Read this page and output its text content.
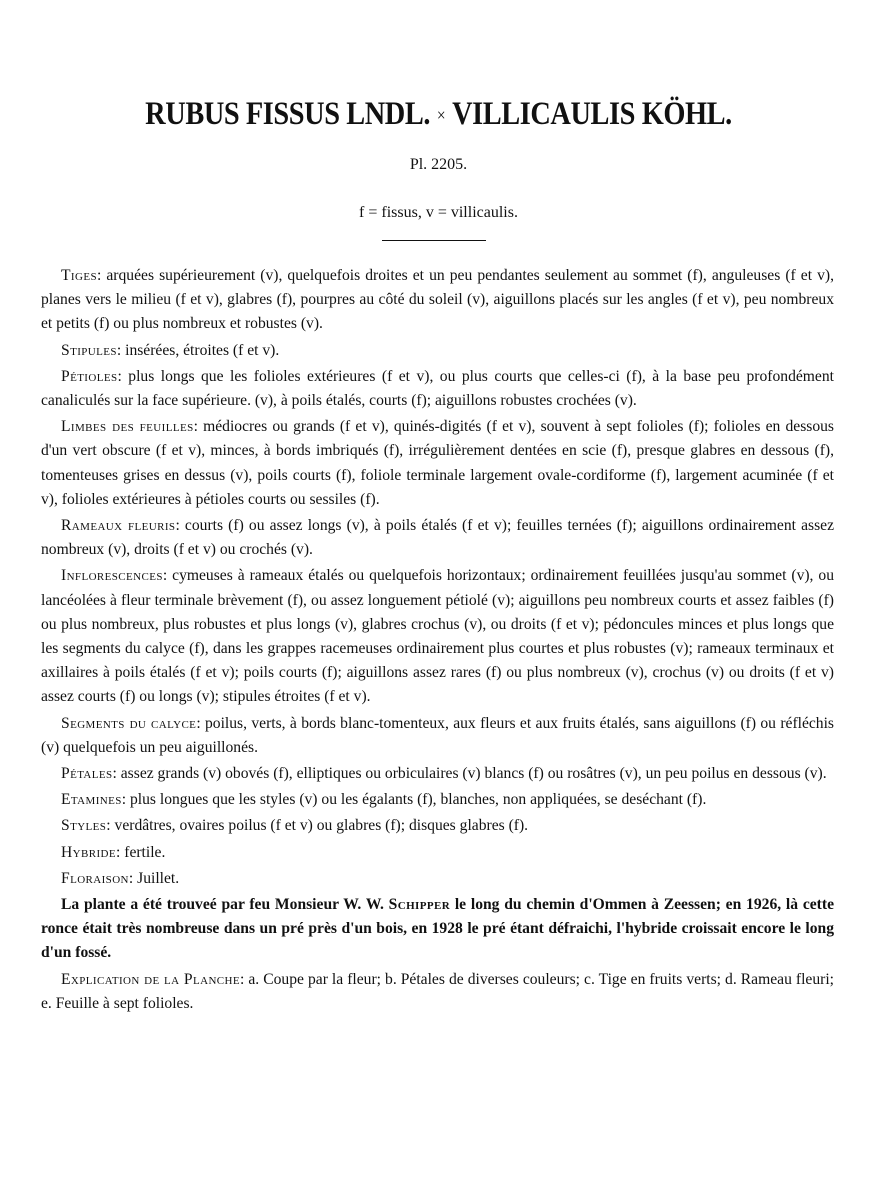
RUBUS FISSUS LNDL. × VILLICAULIS KÖHL.
Pl. 2205.
f = fissus, v = villicaulis.

Tiges: arquées supérieurement (v), quelquefois droites et un peu pendantes seulement au sommet (f), anguleuses (f et v), planes vers le milieu (f et v), glabres (f), pourpres au côté du soleil (v), aiguillons placés sur les angles (f et v), peu nombreux et petits (f) ou plus nombreux et robustes (v).

Stipules: insérées, étroites (f et v).

Pétioles: plus longs que les folioles extérieures (f et v), ou plus courts que celles-ci (f), à la base peu profondément canaliculés sur la face supérieure. (v), à poils étalés, courts (f); aiguillons robustes crochées (v).

Limbes des feuilles: médiocres ou grands (f et v), quinés-digités (f et v), souvent à sept folioles (f); folioles en dessous d'un vert obscure (f et v), minces, à bords imbriqués (f), irrégulièrement dentées en scie (f), presque glabres en dessous (f), tomenteuses grises en dessus (v), poils courts (f), foliole terminale largement ovale-cordiforme (f), largement acuminée (f et v), folioles extérieures à pétioles courts ou sessiles (f).

Rameaux fleuris: courts (f) ou assez longs (v), à poils étalés (f et v); feuilles ternées (f); aiguillons ordinairement assez nombreux (v), droits (f et v) ou crochés (v).

Inflorescences: cymeuses à rameaux étalés ou quelquefois horizontaux; ordinairement feuillées jusqu'au sommet (v), ou lancéolées à fleur terminale brèvement (f), ou assez longuement pétiolé (v); aiguillons peu nombreux courts et assez faibles (f) ou plus nombreux, plus robustes et plus longs (v), glabres crochus (v), ou droits (f et v); pédoncules minces et plus longs que les segments du calyce (f), dans les grappes racemeuses ordinairement plus courtes et plus robustes (v); rameaux terminaux et axillaires à poils étalés (f et v); poils courts (f); aiguillons assez rares (f) ou plus nombreux (v), crochus (v) ou droits (f et v) assez courts (f) ou longs (v); stipules étroites (f et v).

Segments du calyce: poilus, verts, à bords blanc-tomenteux, aux fleurs et aux fruits étalés, sans aiguillons (f) ou réfléchis (v) quelquefois un peu aiguillonés.

Pétales: assez grands (v) obovés (f), elliptiques ou orbiculaires (v) blancs (f) ou rosâtres (v), un peu poilus en dessous (v).

Etamines: plus longues que les styles (v) ou les égalants (f), blanches, non appliquées, se deséchant (f).

Styles: verdâtres, ovaires poilus (f et v) ou glabres (f); disques glabres (f).

Hybride: fertile.

Floraison: Juillet.

La plante a été trouveé par feu Monsieur W. W. Schipper le long du chemin d'Ommen à Zeessen; en 1926, là cette ronce était très nombreuse dans un pré près d'un bois, en 1928 le pré étant défraichi, l'hybride croissait encore le long d'un fossé.

Explication de la Planche: a. Coupe par la fleur; b. Pétales de diverses couleurs; c. Tige en fruits verts; d. Rameau fleuri; e. Feuille à sept folioles.
